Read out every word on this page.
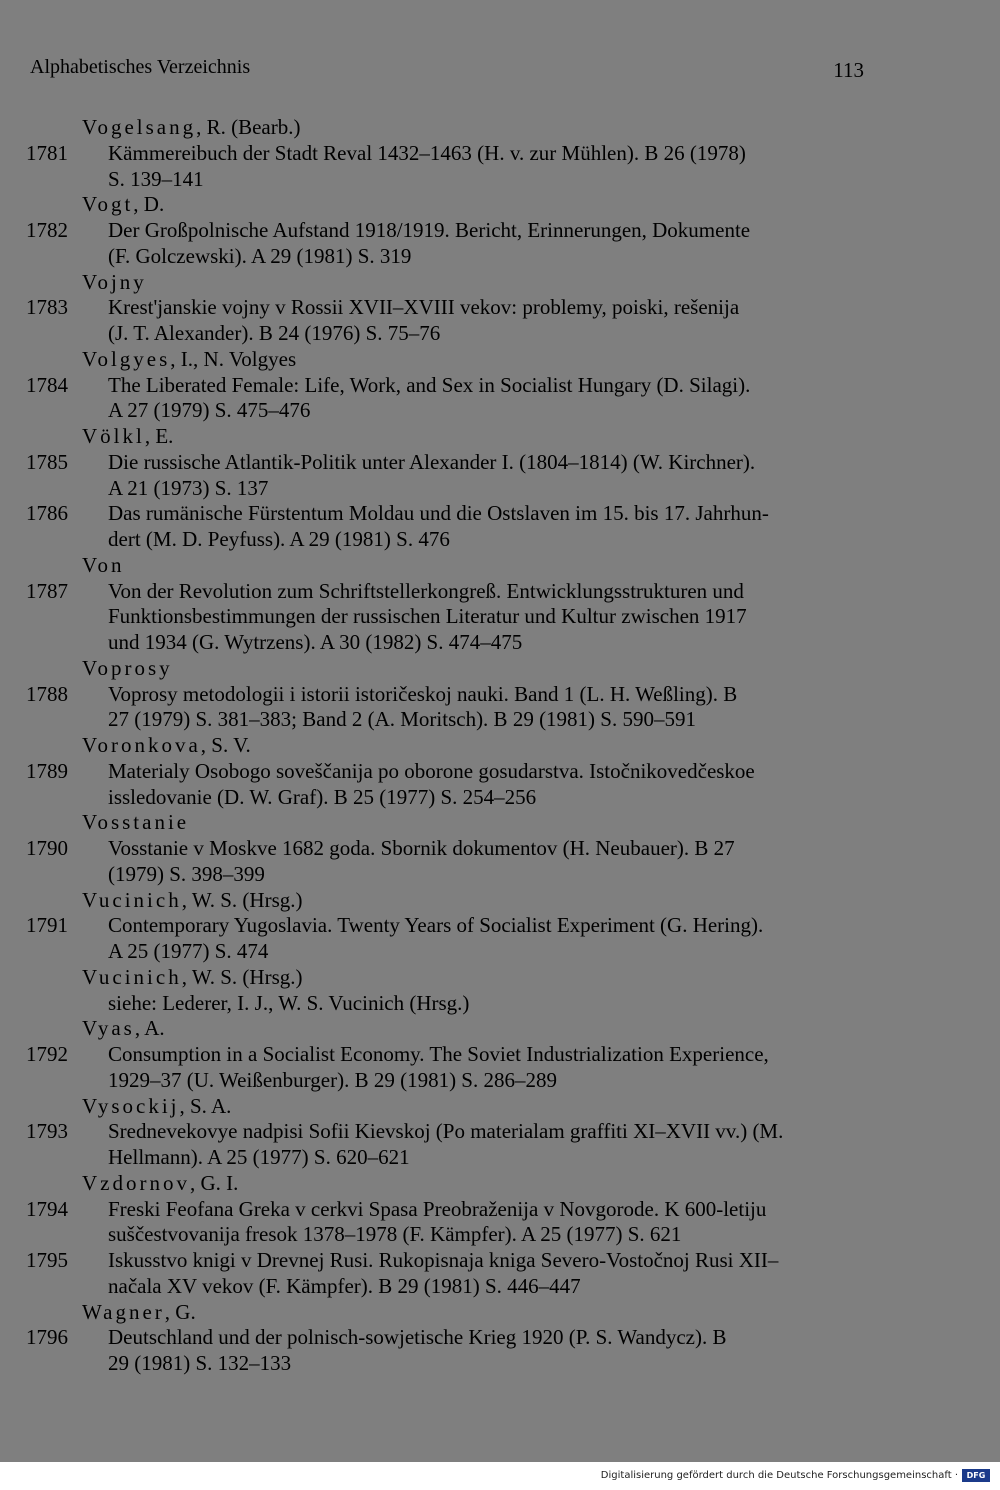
Alphabetisches Verzeichnis	113
Vogelsang, R. (Bearb.)
1781 Kämmereibuch der Stadt Reval 1432–1463 (H. v. zur Mühlen). B 26 (1978)
S. 139–141
Vogt, D.
1782 Der Großpolnische Aufstand 1918/1919. Bericht, Erinnerungen, Dokumente
(F. Golczewski). A 29 (1981) S. 319
Vojny
1783 Krest'janskie vojny v Rossii XVII–XVIII vekov: problemy, poiski, rešenija
(J. T. Alexander). B 24 (1976) S. 75–76
Volgyes, I., N. Volgyes
1784 The Liberated Female: Life, Work, and Sex in Socialist Hungary (D. Silagi).
A 27 (1979) S. 475–476
Völkl, E.
1785 Die russische Atlantik-Politik unter Alexander I. (1804–1814) (W. Kirchner).
A 21 (1973) S. 137
1786 Das rumänische Fürstentum Moldau und die Ostslaven im 15. bis 17. Jahrhun-
dert (M. D. Peyfuss). A 29 (1981) S. 476
Von
1787 Von der Revolution zum Schriftstellerkongreß. Entwicklungsstrukturen und
Funktionsbestimmungen der russischen Literatur und Kultur zwischen 1917
und 1934 (G. Wytrzens). A 30 (1982) S. 474–475
Voprosy
1788 Voprosy metodologii i istorii istoričeskoj nauki. Band 1 (L. H. Weßling). B
27 (1979) S. 381–383; Band 2 (A. Moritsch). B 29 (1981) S. 590–591
Voronkova, S. V.
1789 Materialy Osobogo soveščanija po oborone gosudarstva. Istočnikovedčeskoe
issledovanie (D. W. Graf). B 25 (1977) S. 254–256
Vosstanie
1790 Vosstanie v Moskve 1682 goda. Sbornik dokumentov (H. Neubauer). B 27
(1979) S. 398–399
Vucinich, W. S. (Hrsg.)
1791 Contemporary Yugoslavia. Twenty Years of Socialist Experiment (G. Hering).
A 25 (1977) S. 474
Vucinich, W. S. (Hrsg.)
siehe: Lederer, I. J., W. S. Vucinich (Hrsg.)
Vyas, A.
1792 Consumption in a Socialist Economy. The Soviet Industrialization Experience,
1929–37 (U. Weißenburger). B 29 (1981) S. 286–289
Vysockij, S. A.
1793 Srednevekovye nadpisi Sofii Kievskoj (Po materialam graffiti XI–XVII vv.) (M.
Hellmann). A 25 (1977) S. 620–621
Vzdornov, G. I.
1794 Freski Feofana Greka v cerkvi Spasa Preobraženija v Novgorode. K 600-letiju
suščestvovanija fresok 1378–1978 (F. Kämpfer). A 25 (1977) S. 621
1795 Iskusstvo knigi v Drevnej Rusi. Rukopisnaja kniga Severo-Vostočnoj Rusi XII–
načala XV vekov (F. Kämpfer). B 29 (1981) S. 446–447
Wagner, G.
1796 Deutschland und der polnisch-sowjetische Krieg 1920 (P. S. Wandycz). B
29 (1981) S. 132–133
Digitalisierung gefördert durch die Deutsche Forschungsgemeinschaft ·	DFG
